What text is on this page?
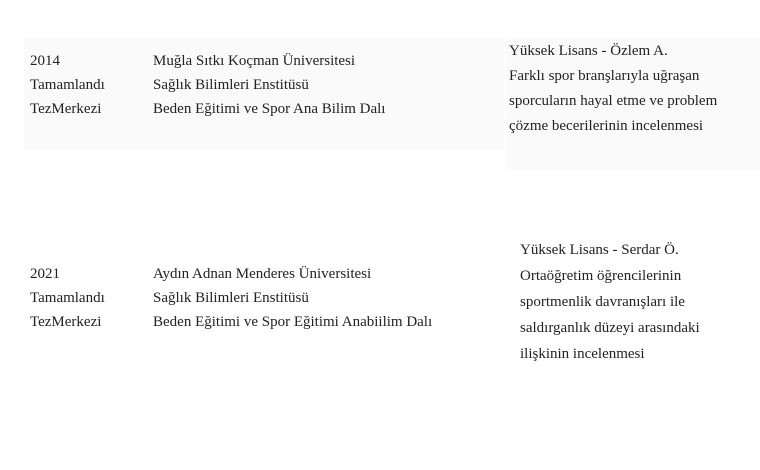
2014
Tamamlandı
TezMerkezi
Muğla Sıtkı Koçman Üniversitesi
Sağlık Bilimleri Enstitüsü
Beden Eğitimi ve Spor Ana Bilim Dalı
Yüksek Lisans - Özlem A.
Farklı spor branşlarıyla uğraşan
sporcuların hayal etme ve problem
çözme becerilerinin incelenmesi
2021
Tamamlandı
TezMerkezi
Aydın Adnan Menderes Üniversitesi
Sağlık Bilimleri Enstitüsü
Beden Eğitimi ve Spor Eğitimi Anabiilim Dalı
Yüksek Lisans - Serdar Ö.
Ortaöğretim öğrencilerinin
sportmenlik davranışları ile
saldırganlık düzeyi arasındaki
ilişkinin incelenmesi
